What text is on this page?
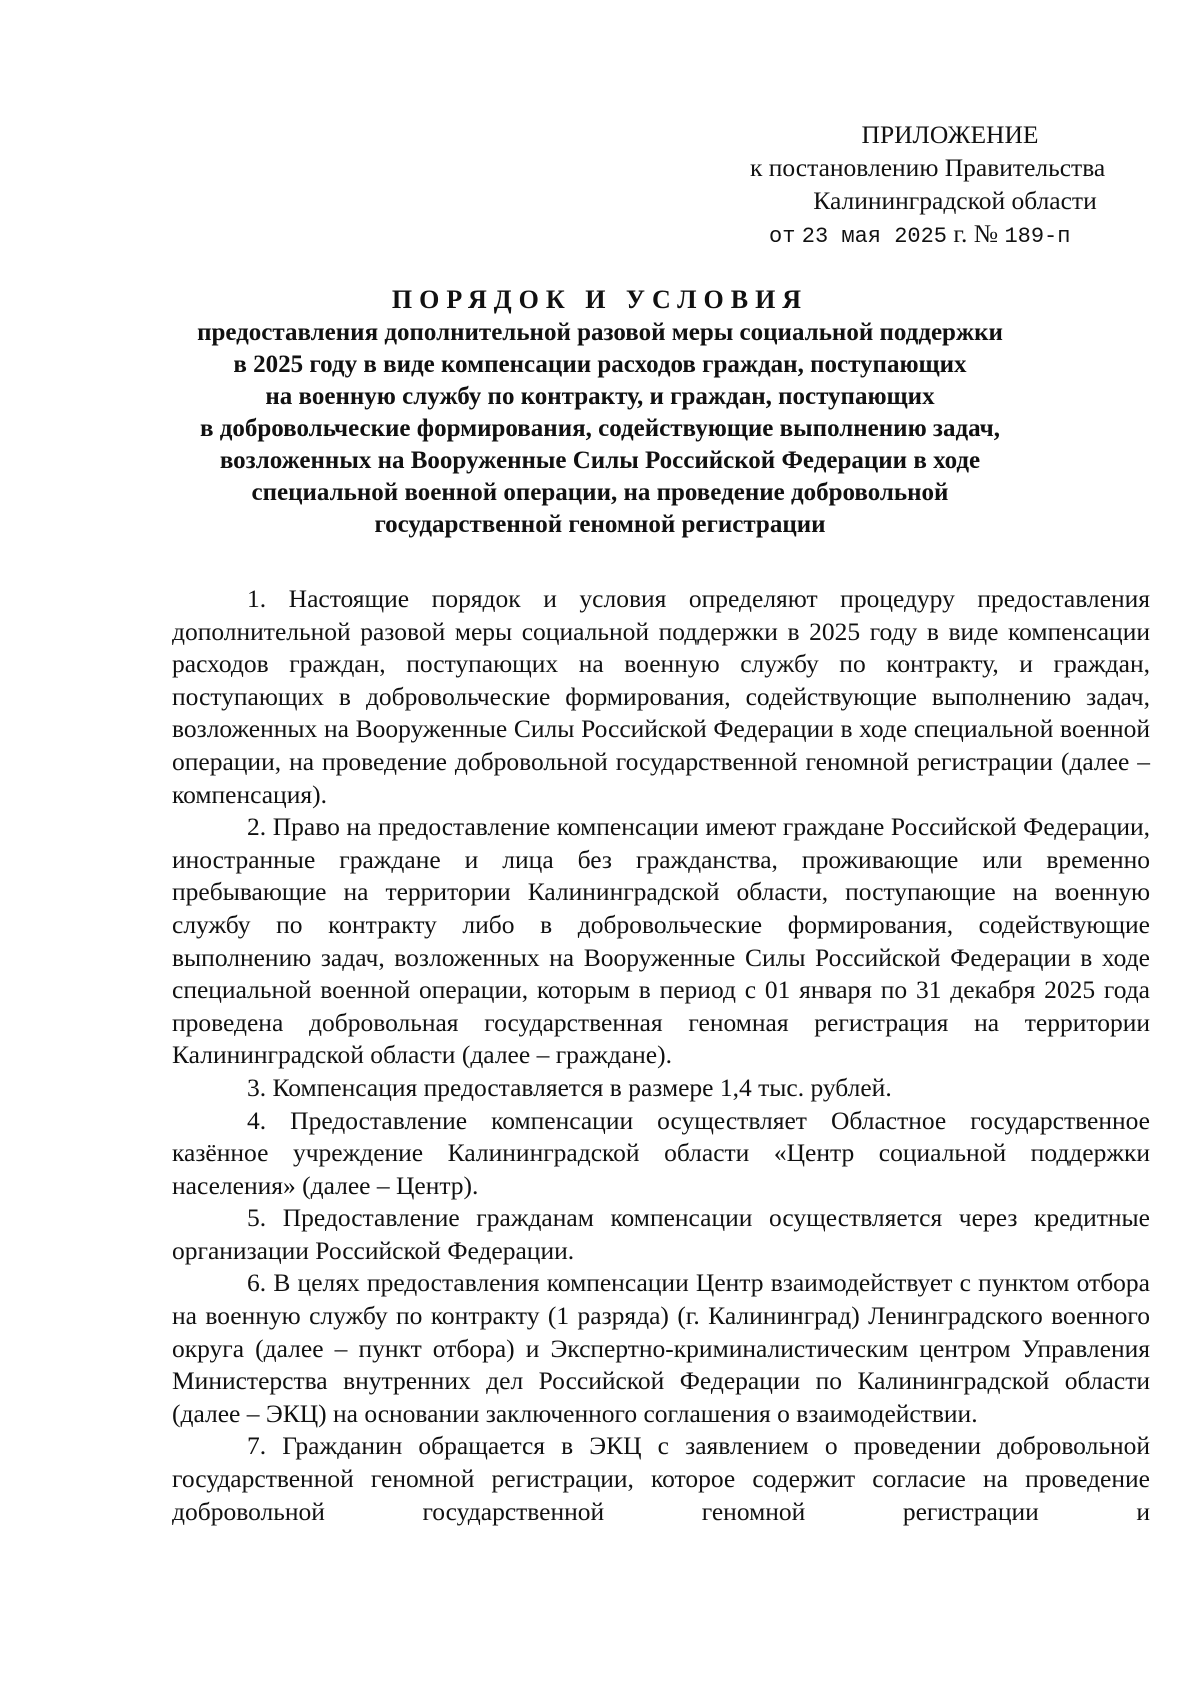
ПРИЛОЖЕНИЕ
к постановлению Правительства
Калининградской области
от 23 мая 2025 г. № 189-п
ПОРЯДОК И УСЛОВИЯ
предоставления дополнительной разовой меры социальной поддержки
в 2025 году в виде компенсации расходов граждан, поступающих
на военную службу по контракту, и граждан, поступающих
в добровольческие формирования, содействующие выполнению задач,
возложенных на Вооруженные Силы Российской Федерации в ходе
специальной военной операции, на проведение добровольной
государственной геномной регистрации

1. Настоящие порядок и условия определяют процедуру предоставления дополнительной разовой меры социальной поддержки в 2025 году в виде компенсации расходов граждан, поступающих на военную службу по контракту, и граждан, поступающих в добровольческие формирования, содействующие выполнению задач, возложенных на Вооруженные Силы Российской Федерации в ходе специальной военной операции, на проведение добровольной государственной геномной регистрации (далее – компенсация).

2. Право на предоставление компенсации имеют граждане Российской Федерации, иностранные граждане и лица без гражданства, проживающие или временно пребывающие на территории Калининградской области, поступающие на военную службу по контракту либо в добровольческие формирования, содействующие выполнению задач, возложенных на Вооруженные Силы Российской Федерации в ходе специальной военной операции, которым в период с 01 января по 31 декабря 2025 года проведена добровольная государственная геномная регистрация на территории Калининградской области (далее – граждане).

3. Компенсация предоставляется в размере 1,4 тыс. рублей.

4. Предоставление компенсации осуществляет Областное государственное казённое учреждение Калининградской области «Центр социальной поддержки населения» (далее – Центр).

5. Предоставление гражданам компенсации осуществляется через кредитные организации Российской Федерации.

6. В целях предоставления компенсации Центр взаимодействует с пунктом отбора на военную службу по контракту (1 разряда) (г. Калининград) Ленинградского военного округа (далее – пункт отбора) и Экспертно-криминалистическим центром Управления Министерства внутренних дел Российской Федерации по Калининградской области (далее – ЭКЦ) на основании заключенного соглашения о взаимодействии.

7. Гражданин обращается в ЭКЦ с заявлением о проведении добровольной государственной геномной регистрации, которое содержит согласие на проведение добровольной государственной геномной регистрации и
